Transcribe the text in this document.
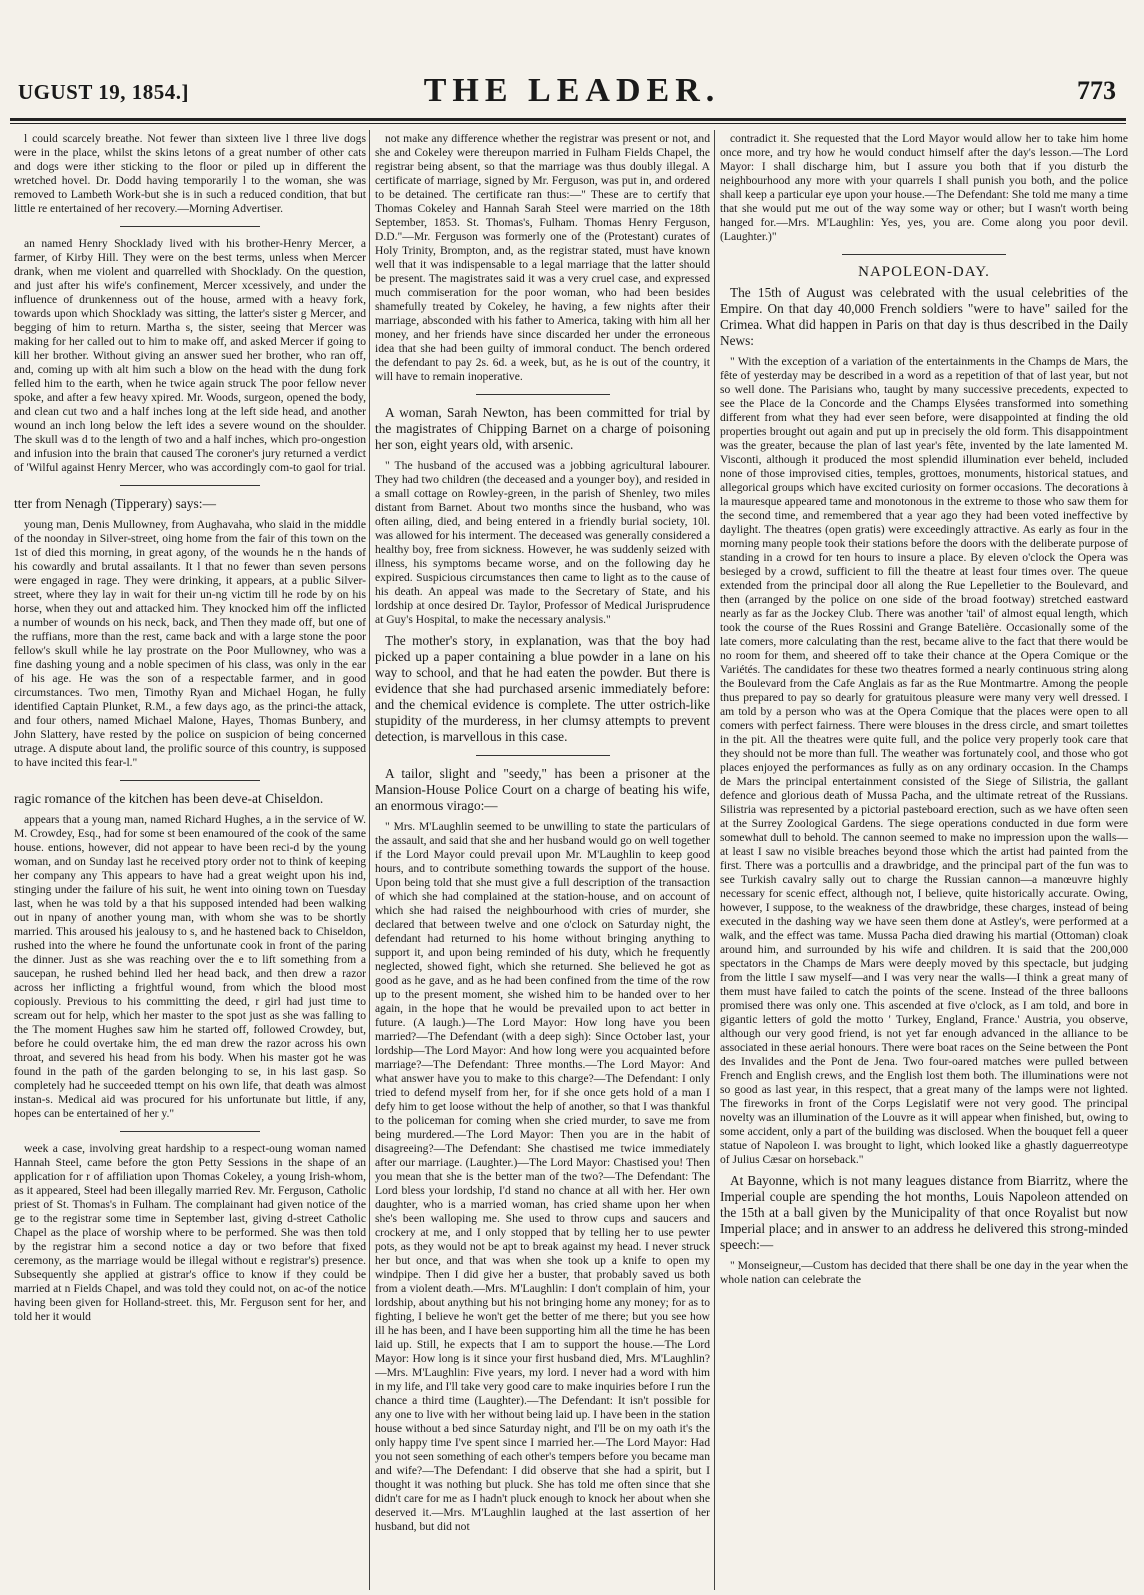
UGUST 19, 1854.]	THE LEADER.	773

l could scarcely breathe. Not fewer than sixteen live l three live dogs were in the place, whilst the skins letons of a great number of other cats and dogs were ither sticking to the floor or piled up in different the wretched hovel. Dr. Dodd having temporarily l to the woman, she was removed to Lambeth Work-but she is in such a reduced condition, that but little re entertained of her recovery.—Morning Advertiser.

an named Henry Shocklady lived with his brother-Henry Mercer, a farmer, of Kirby Hill. They were on the best terms, unless when Mercer drank, when me violent and quarrelled with Shocklady. On the question, and just after his wife's confinement, Mercer xcessively, and under the influence of drunkenness out of the house, armed with a heavy fork, towards upon which Shocklady was sitting, the latter's sister g Mercer, and begging of him to return. Martha s, the sister, seeing that Mercer was making for her called out to him to make off, and asked Mercer if going to kill her brother. Without giving an answer sued her brother, who ran off, and, coming up with alt him such a blow on the head with the dung fork felled him to the earth, when he twice again struck The poor fellow never spoke, and after a few heavy xpired. Mr. Woods, surgeon, opened the body, and clean cut two and a half inches long at the left side head, and another wound an inch long below the left ides a severe wound on the shoulder. The skull was d to the length of two and a half inches, which pro-ongestion and infusion into the brain that caused The coroner's jury returned a verdict of 'Wilful against Henry Mercer, who was accordingly com-to gaol for trial.

tter from Nenagh (Tipperary) says:—

young man, Denis Mullowney, from Aughavaha, who slaid in the middle of the noonday in Silver-street, oing home from the fair of this town on the 1st of died this morning, in great agony, of the wounds he n the hands of his cowardly and brutal assailants. It l that no fewer than seven persons were engaged in rage. They were drinking, it appears, at a public Silver-street, where they lay in wait for their un-ng victim till he rode by on his horse, when they out and attacked him. They knocked him off the inflicted a number of wounds on his neck, back, and Then they made off, but one of the ruffians, more than the rest, came back and with a large stone the poor fellow's skull while he lay prostrate on the Poor Mullowney, who was a fine dashing young and a noble specimen of his class, was only in the ear of his age. He was the son of a respectable farmer, and in good circumstances. Two men, Timothy Ryan and Michael Hogan, he fully identified Captain Plunket, R.M., a few days ago, as the princi-the attack, and four others, named Michael Malone, Hayes, Thomas Bunbery, and John Slattery, have rested by the police on suspicion of being concerned utrage. A dispute about land, the prolific source of this country, is supposed to have incited this fear-l."

ragic romance of the kitchen has been deve-at Chiseldon.

appears that a young man, named Richard Hughes, a in the service of W. M. Crowdey, Esq., had for some st been enamoured of the cook of the same house. entions, however, did not appear to have been reci-d by the young woman, and on Sunday last he received ptory order not to think of keeping her company any This appears to have had a great weight upon his ind, stinging under the failure of his suit, he went into oining town on Tuesday last, when he was told by a that his supposed intended had been walking out in npany of another young man, with whom she was to be shortly married. This aroused his jealousy to s, and he hastened back to Chiseldon, rushed into the where he found the unfortunate cook in front of the paring the dinner. Just as she was reaching over the e to lift something from a saucepan, he rushed behind lled her head back, and then drew a razor across her inflicting a frightful wound, from which the blood most copiously. Previous to his committing the deed, r girl had just time to scream out for help, which her master to the spot just as she was falling to the The moment Hughes saw him he started off, followed Crowdey, but, before he could overtake him, the ed man drew the razor across his own throat, and severed his head from his body. When his master got he was found in the path of the garden belonging to se, in his last gasp. So completely had he succeeded ttempt on his own life, that death was almost instan-s. Medical aid was procured for his unfortunate but little, if any, hopes can be entertained of her y."

week a case, involving great hardship to a respect-oung woman named Hannah Steel, came before the gton Petty Sessions in the shape of an application for r of affiliation upon Thomas Cokeley, a young Irish-whom, as it appeared, Steel had been illegally married Rev. Mr. Ferguson, Catholic priest of St. Thomas's in Fulham. The complainant had given notice of the ge to the registrar some time in September last, giving d-street Catholic Chapel as the place of worship where to be performed. She was then told by the registrar him a second notice a day or two before that fixed ceremony, as the marriage would be illegal without e registrar's) presence. Subsequently she applied at gistrar's office to know if they could be married at n Fields Chapel, and was told they could not, on ac-of the notice having been given for Holland-street. this, Mr. Ferguson sent for her, and told her it would

not make any difference whether the registrar was present or not, and she and Cokeley were thereupon married in Fulham Fields Chapel, the registrar being absent, so that the marriage was thus doubly illegal. A certificate of marriage, signed by Mr. Ferguson, was put in, and ordered to be detained. The certificate ran thus:—" These are to certify that Thomas Cokeley and Hannah Sarah Steel were married on the 18th September, 1853. St. Thomas's, Fulham. Thomas Henry Ferguson, D.D."—Mr. Ferguson was formerly one of the (Protestant) curates of Holy Trinity, Brompton, and, as the registrar stated, must have known well that it was indispensable to a legal marriage that the latter should be present. The magistrates said it was a very cruel case, and expressed much commiseration for the poor woman, who had been besides shamefully treated by Cokeley, he having, a few nights after their marriage, absconded with his father to America, taking with him all her money, and her friends have since discarded her under the erroneous idea that she had been guilty of immoral conduct. The bench ordered the defendant to pay 2s. 6d. a week, but, as he is out of the country, it will have to remain inoperative.

A woman, Sarah Newton, has been committed for trial by the magistrates of Chipping Barnet on a charge of poisoning her son, eight years old, with arsenic.

" The husband of the accused was a jobbing agricultural labourer. They had two children (the deceased and a younger boy), and resided in a small cottage on Rowley-green, in the parish of Shenley, two miles distant from Barnet. About two months since the husband, who was often ailing, died, and being entered in a friendly burial society, 10l. was allowed for his interment. The deceased was generally considered a healthy boy, free from sickness. However, he was suddenly seized with illness, his symptoms became worse, and on the following day he expired. Suspicious circumstances then came to light as to the cause of his death. An appeal was made to the Secretary of State, and his lordship at once desired Dr. Taylor, Professor of Medical Jurisprudence at Guy's Hospital, to make the necessary analysis."

The mother's story, in explanation, was that the boy had picked up a paper containing a blue powder in a lane on his way to school, and that he had eaten the powder. But there is evidence that she had purchased arsenic immediately before: and the chemical evidence is complete. The utter ostrich-like stupidity of the murderess, in her clumsy attempts to prevent detection, is marvellous in this case.

A tailor, slight and "seedy," has been a prisoner at the Mansion-House Police Court on a charge of beating his wife, an enormous virago:—

" Mrs. M'Laughlin seemed to be unwilling to state the particulars of the assault, and said that she and her husband would go on well together if the Lord Mayor could prevail upon Mr. M'Laughlin to keep good hours, and to contribute something towards the support of the house. Upon being told that she must give a full description of the transaction of which she had complained at the station-house, and on account of which she had raised the neighbourhood with cries of murder, she declared that between twelve and one o'clock on Saturday night, the defendant had returned to his home without bringing anything to support it, and upon being reminded of his duty, which he frequently neglected, showed fight, which she returned. She believed he got as good as he gave, and as he had been confined from the time of the row up to the present moment, she wished him to be handed over to her again, in the hope that he would be prevailed upon to act better in future. (A laugh.)—The Lord Mayor: How long have you been married?—The Defendant (with a deep sigh): Since October last, your lordship—The Lord Mayor: And how long were you acquainted before marriage?—The Defendant: Three months.—The Lord Mayor: And what answer have you to make to this charge?—The Defendant: I only tried to defend myself from her, for if she once gets hold of a man I defy him to get loose without the help of another, so that I was thankful to the policeman for coming when she cried murder, to save me from being murdered.—The Lord Mayor: Then you are in the habit of disagreeing?—The Defendant: She chastised me twice immediately after our marriage. (Laughter.)—The Lord Mayor: Chastised you! Then you mean that she is the better man of the two?—The Defendant: The Lord bless your lordship, I'd stand no chance at all with her. Her own daughter, who is a married woman, has cried shame upon her when she's been walloping me. She used to throw cups and saucers and crockery at me, and I only stopped that by telling her to use pewter pots, as they would not be apt to break against my head. I never struck her but once, and that was when she took up a knife to open my windpipe. Then I did give her a buster, that probably saved us both from a violent death.—Mrs. M'Laughlin: I don't complain of him, your lordship, about anything but his not bringing home any money; for as to fighting, I believe he won't get the better of me there; but you see how ill he has been, and I have been supporting him all the time he has been laid up. Still, he expects that I am to support the house.—The Lord Mayor: How long is it since your first husband died, Mrs. M'Laughlin?—Mrs. M'Laughlin: Five years, my lord. I never had a word with him in my life, and I'll take very good care to make inquiries before I run the chance a third time (Laughter).—The Defendant: It isn't possible for any one to live with her without being laid up. I have been in the station house without a bed since Saturday night, and I'll be on my oath it's the only happy time I've spent since I married her.—The Lord Mayor: Had you not seen something of each other's tempers before you became man and wife?—The Defendant: I did observe that she had a spirit, but I thought it was nothing but pluck. She has told me often since that she didn't care for me as I hadn't pluck enough to knock her about when she deserved it.—Mrs. M'Laughlin laughed at the last assertion of her husband, but did not

contradict it. She requested that the Lord Mayor would allow her to take him home once more, and try how he would conduct himself after the day's lesson.—The Lord Mayor: I shall discharge him, but I assure you both that if you disturb the neighbourhood any more with your quarrels I shall punish you both, and the police shall keep a particular eye upon your house.—The Defendant: She told me many a time that she would put me out of the way some way or other; but I wasn't worth being hanged for.—Mrs. M'Laughlin: Yes, yes, you are. Come along you poor devil. (Laughter.)"

NAPOLEON-DAY.

The 15th of August was celebrated with the usual celebrities of the Empire. On that day 40,000 French soldiers "were to have" sailed for the Crimea. What did happen in Paris on that day is thus described in the Daily News:

" With the exception of a variation of the entertainments in the Champs de Mars, the fête of yesterday may be described in a word as a repetition of that of last year, but not so well done. The Parisians who, taught by many successive precedents, expected to see the Place de la Concorde and the Champs Elysées transformed into something different from what they had ever seen before, were disappointed at finding the old properties brought out again and put up in precisely the old form. This disappointment was the greater, because the plan of last year's fête, invented by the late lamented M. Visconti, although it produced the most splendid illumination ever beheld, included none of those improvised cities, temples, grottoes, monuments, historical statues, and allegorical groups which have excited curiosity on former occasions. The decorations à la mauresque appeared tame and monotonous in the extreme to those who saw them for the second time, and remembered that a year ago they had been voted ineffective by daylight. The theatres (open gratis) were exceedingly attractive. As early as four in the morning many people took their stations before the doors with the deliberate purpose of standing in a crowd for ten hours to insure a place. By eleven o'clock the Opera was besieged by a crowd, sufficient to fill the theatre at least four times over. The queue extended from the principal door all along the Rue Lepelletier to the Boulevard, and then (arranged by the police on one side of the broad footway) stretched eastward nearly as far as the Jockey Club. There was another 'tail' of almost equal length, which took the course of the Rues Rossini and Grange Batelière. Occasionally some of the late comers, more calculating than the rest, became alive to the fact that there would be no room for them, and sheered off to take their chance at the Opera Comique or the Variétés. The candidates for these two theatres formed a nearly continuous string along the Boulevard from the Cafe Anglais as far as the Rue Montmartre. Among the people thus prepared to pay so dearly for gratuitous pleasure were many very well dressed. I am told by a person who was at the Opera Comique that the places were open to all comers with perfect fairness. There were blouses in the dress circle, and smart toilettes in the pit. All the theatres were quite full, and the police very properly took care that they should not be more than full. The weather was fortunately cool, and those who got places enjoyed the performances as fully as on any ordinary occasion. In the Champs de Mars the principal entertainment consisted of the Siege of Silistria, the gallant defence and glorious death of Mussa Pacha, and the ultimate retreat of the Russians. Silistria was represented by a pictorial pasteboard erection, such as we have often seen at the Surrey Zoological Gardens. The siege operations conducted in due form were somewhat dull to behold. The cannon seemed to make no impression upon the walls—at least I saw no visible breaches beyond those which the artist had painted from the first. There was a portcullis and a drawbridge, and the principal part of the fun was to see Turkish cavalry sally out to charge the Russian cannon—a manœuvre highly necessary for scenic effect, although not, I believe, quite historically accurate. Owing, however, I suppose, to the weakness of the drawbridge, these charges, instead of being executed in the dashing way we have seen them done at Astley's, were performed at a walk, and the effect was tame. Mussa Pacha died drawing his martial (Ottoman) cloak around him, and surrounded by his wife and children. It is said that the 200,000 spectators in the Champs de Mars were deeply moved by this spectacle, but judging from the little I saw myself—and I was very near the walls—I think a great many of them must have failed to catch the points of the scene. Instead of the three balloons promised there was only one. This ascended at five o'clock, as I am told, and bore in gigantic letters of gold the motto ' Turkey, England, France.' Austria, you observe, although our very good friend, is not yet far enough advanced in the alliance to be associated in these aerial honours. There were boat races on the Seine between the Pont des Invalides and the Pont de Jena. Two four-oared matches were pulled between French and English crews, and the English lost them both. The illuminations were not so good as last year, in this respect, that a great many of the lamps were not lighted. The fireworks in front of the Corps Legislatif were not very good. The principal novelty was an illumination of the Louvre as it will appear when finished, but, owing to some accident, only a part of the building was disclosed. When the bouquet fell a queer statue of Napoleon I. was brought to light, which looked like a ghastly daguerreotype of Julius Cæsar on horseback."

At Bayonne, which is not many leagues distance from Biarritz, where the Imperial couple are spending the hot months, Louis Napoleon attended on the 15th at a ball given by the Municipality of that once Royalist but now Imperial place; and in answer to an address he delivered this strong-minded speech:—

" Monseigneur,—Custom has decided that there shall be one day in the year when the whole nation can celebrate the
